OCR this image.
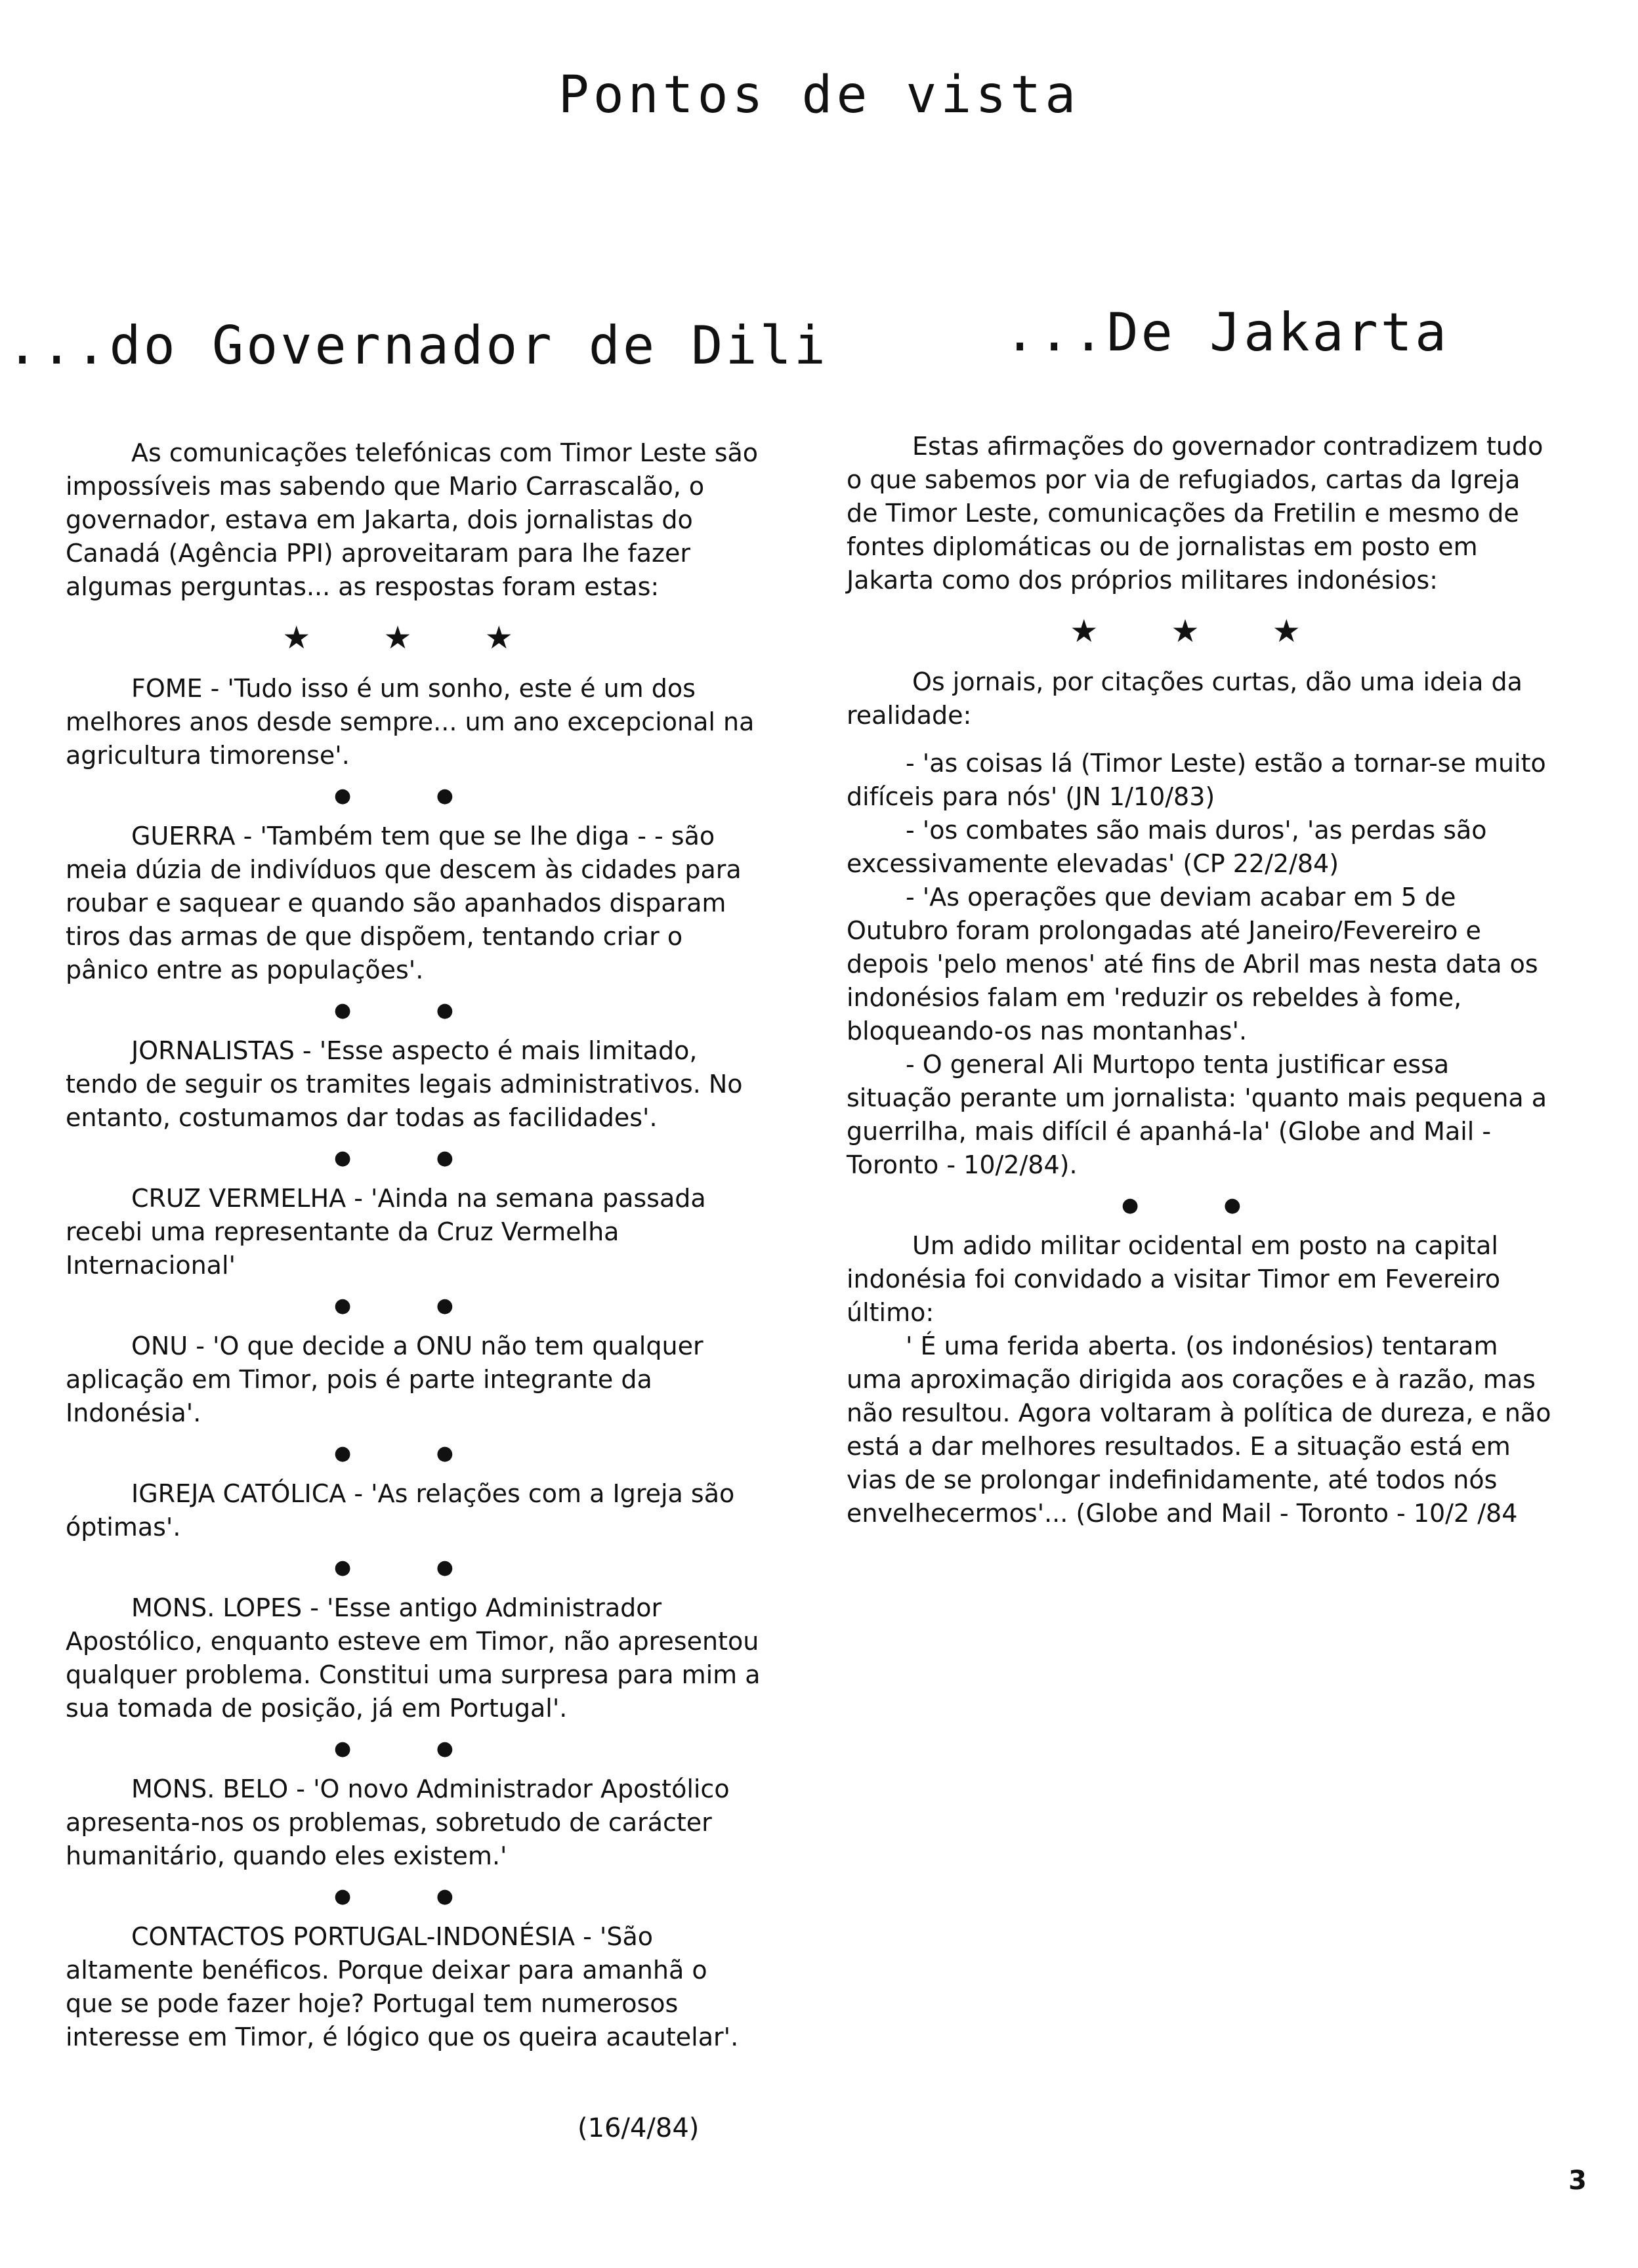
Pontos de vista
...do Governador de Dili	...De Jakarta

As comunicações telefónicas com Timor Leste são impossíveis mas sabendo que Mario Carrascalão, o governador, estava em Jakarta, dois jornalistas do Canadá (Agência PPI) aproveitaram para lhe fazer algumas perguntas... as respostas foram estas:

★ ★ ★

FOME - 'Tudo isso é um sonho, este é um dos melhores anos desde sempre... um ano excepcional na agricultura timorense'.

● ●

GUERRA - 'Também tem que se lhe diga - - são meia dúzia de indivíduos que descem às cidades para roubar e saquear e quando são apanhados disparam tiros das armas de que dispõem, tentando criar o pânico entre as populações'.

● ●

JORNALISTAS - 'Esse aspecto é mais limitado, tendo de seguir os tramites legais administrativos. No entanto, costumamos dar todas as facilidades'.

● ●

CRUZ VERMELHA - 'Ainda na semana passada recebi uma representante da Cruz Vermelha Internacional'

● ●

ONU - 'O que decide a ONU não tem qualquer aplicação em Timor, pois é parte integrante da Indonésia'.

● ●

IGREJA CATÓLICA - 'As relações com a Igreja são óptimas'.

● ●

MONS. LOPES - 'Esse antigo Administrador Apostólico, enquanto esteve em Timor, não apresentou qualquer problema. Constitui uma surpresa para mim a sua tomada de posição, já em Portugal'.

● ●

MONS. BELO - 'O novo Administrador Apostólico apresenta-nos os problemas, sobretudo de carácter humanitário, quando eles existem.'

● ●

CONTACTOS PORTUGAL-INDONÉSIA - 'São altamente benéficos. Porque deixar para amanhã o que se pode fazer hoje? Portugal tem numerosos interesse em Timor, é lógico que os queira acautelar'.

(16/4/84)

Estas afirmações do governador contradizem tudo o que sabemos por via de refugiados, cartas da Igreja de Timor Leste, comunicações da Fretilin e mesmo de fontes diplomáticas ou de jornalistas em posto em Jakarta como dos próprios militares indonésios:

★ ★ ★

Os jornais, por citações curtas, dão uma ideia da realidade:

- 'as coisas lá (Timor Leste) estão a tornar-se muito difíceis para nós' (JN 1/10/83)

- 'os combates são mais duros', 'as perdas são excessivamente elevadas' (CP 22/2/84)

- 'As operações que deviam acabar em 5 de Outubro foram prolongadas até Janeiro/Fevereiro e depois 'pelo menos' até fins de Abril mas nesta data os indonésios falam em 'reduzir os rebeldes à fome, bloqueando-os nas montanhas'.

- O general Ali Murtopo tenta justificar essa situação perante um jornalista: 'quanto mais pequena a guerrilha, mais difícil é apanhá-la' (Globe and Mail - Toronto - 10/2/84).

● ●

Um adido militar ocidental em posto na capital indonésia foi convidado a visitar Timor em Fevereiro último:

' É uma ferida aberta. (os indonésios) tentaram uma aproximação dirigida aos corações e à razão, mas não resultou. Agora voltaram à política de dureza, e não está a dar melhores resultados. E a situação está em vias de se prolongar indefinidamente, até todos nós envelhecermos'... (Globe and Mail - Toronto - 10/2 /84

3
